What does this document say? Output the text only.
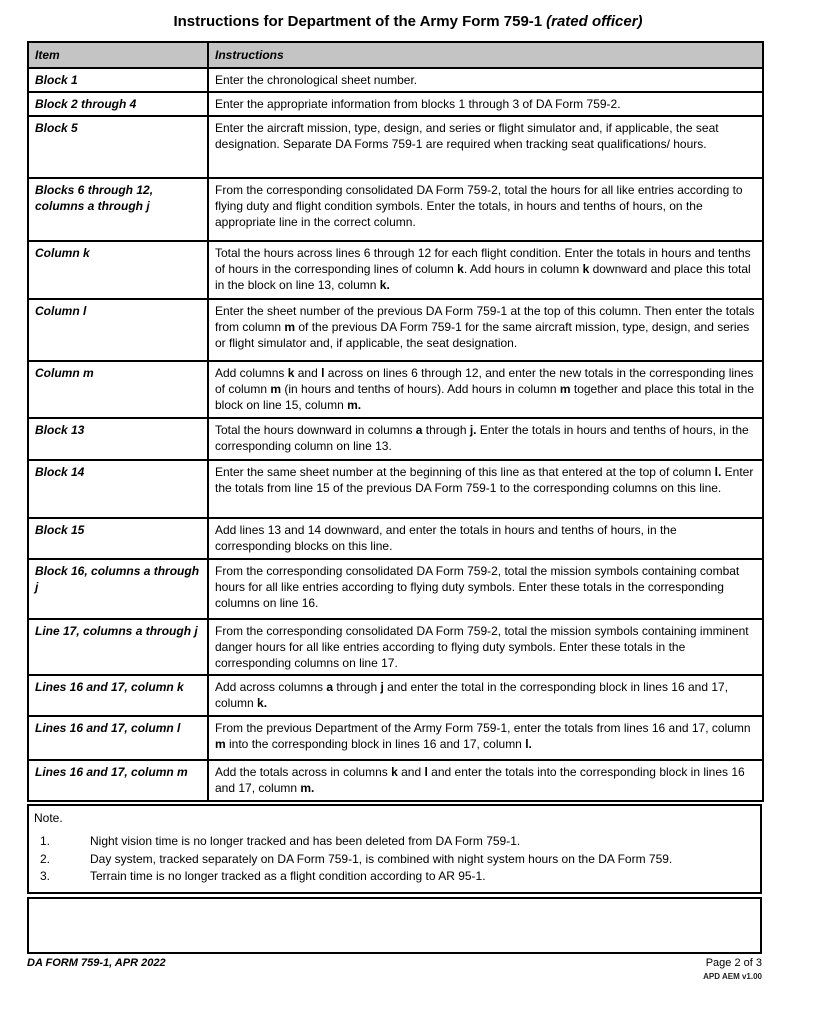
Instructions for Department of the Army Form 759-1 (rated officer)
Item	Instructions
Block 1	Enter the chronological sheet number.
Block 2 through 4	Enter the appropriate information from blocks 1 through 3 of DA Form 759-2.
Block 5	Enter the aircraft mission, type, design, and series or flight simulator and, if applicable, the seat designation. Separate DA Forms 759-1 are required when tracking seat qualifications/ hours.
Blocks 6 through 12, columns a through j	From the corresponding consolidated DA Form 759-2, total the hours for all like entries according to flying duty and flight condition symbols. Enter the totals, in hours and tenths of hours, on the appropriate line in the correct column.
Column k	Total the hours across lines 6 through 12 for each flight condition. Enter the totals in hours and tenths of hours in the corresponding lines of column k. Add hours in column k downward and place this total in the block on line 13, column k.
Column l	Enter the sheet number of the previous DA Form 759-1 at the top of this column. Then enter the totals from column m of the previous DA Form 759-1 for the same aircraft mission, type, design, and series or flight simulator and, if applicable, the seat designation.
Column m	Add columns k and l across on lines 6 through 12, and enter the new totals in the corresponding lines of column m (in hours and tenths of hours). Add hours in column m together and place this total in the block on line 15, column m.
Block 13	Total the hours downward in columns a through j. Enter the totals in hours and tenths of hours, in the corresponding column on line 13.
Block 14	Enter the same sheet number at the beginning of this line as that entered at the top of column l. Enter the totals from line 15 of the previous DA Form 759-1 to the corresponding columns on this line.
Block 15	Add lines 13 and 14 downward, and enter the totals in hours and tenths of hours, in the corresponding blocks on this line.
Block 16, columns a through j	From the corresponding consolidated DA Form 759-2, total the mission symbols containing combat hours for all like entries according to flying duty symbols. Enter these totals in the corresponding columns on line 16.
Line 17, columns a through j	From the corresponding consolidated DA Form 759-2, total the mission symbols containing imminent danger hours for all like entries according to flying duty symbols. Enter these totals in the corresponding columns on line 17.
Lines 16 and 17, column k	Add across columns a through j and enter the total in the corresponding block in lines 16 and 17, column k.
Lines 16 and 17, column l	From the previous Department of the Army Form 759-1, enter the totals from lines 16 and 17, column m into the corresponding block in lines 16 and 17, column l.
Lines 16 and 17, column m	Add the totals across in columns k and l and enter the totals into the corresponding block in lines 16 and 17, column m.
Note.
1.	Night vision time is no longer tracked and has been deleted from DA Form 759-1.
2.	Day system, tracked separately on DA Form 759-1, is combined with night system hours on the DA Form 759.
3.	Terrain time is no longer tracked as a flight condition according to AR 95-1.
DA FORM 759-1, APR 2022	Page 2 of 3
APD AEM v1.00
